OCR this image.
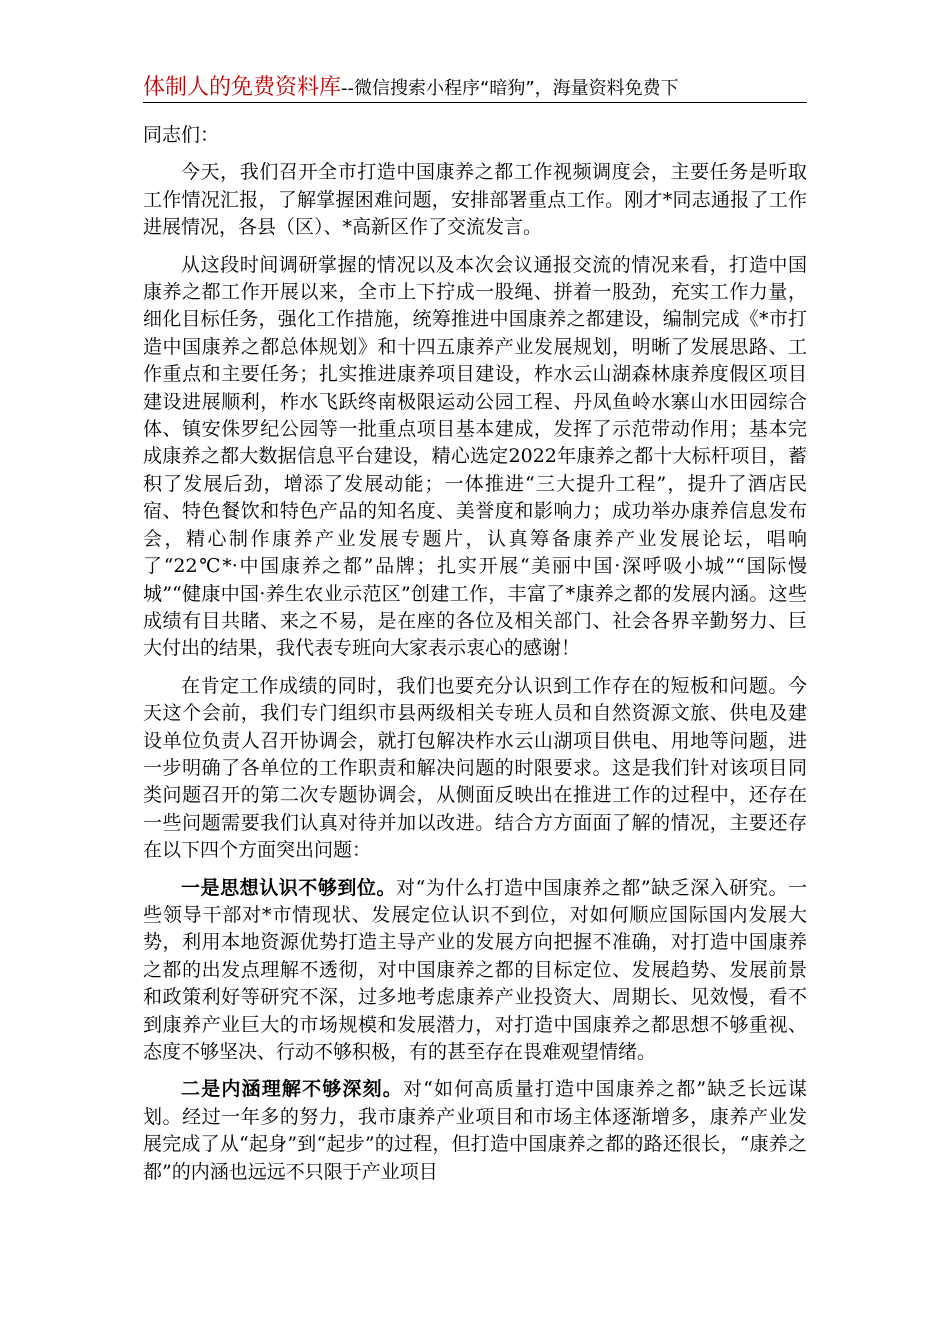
体制人的免费资料库--微信搜索小程序“暗狗”，海量资料免费下

同志们：

今天，我们召开全市打造中国康养之都工作视频调度会，主要任务是听取工作情况汇报，了解掌握困难问题，安排部署重点工作。刚才*同志通报了工作进展情况，各县（区）、*高新区作了交流发言。

从这段时间调研掌握的情况以及本次会议通报交流的情况来看，打造中国康养之都工作开展以来，全市上下拧成一股绳、拼着一股劲，充实工作力量，细化目标任务，强化工作措施，统筹推进中国康养之都建设，编制完成《*市打造中国康养之都总体规划》和十四五康养产业发展规划，明晰了发展思路、工作重点和主要任务；扎实推进康养项目建设，柞水云山湖森林康养度假区项目建设进展顺利，柞水飞跃终南极限运动公园工程、丹凤鱼岭水寨山水田园综合体、镇安侏罗纪公园等一批重点项目基本建成，发挥了示范带动作用；基本完成康养之都大数据信息平台建设，精心选定2022年康养之都十大标杆项目，蓄积了发展后劲，增添了发展动能；一体推进“三大提升工程”，提升了酒店民宿、特色餐饮和特色产品的知名度、美誉度和影响力；成功举办康养信息发布会，精心制作康养产业发展专题片，认真筹备康养产业发展论坛，唱响了“22℃*·中国康养之都”品牌；扎实开展“美丽中国·深呼吸小城”“国际慢城”“健康中国·养生农业示范区”创建工作，丰富了*康养之都的发展内涵。这些成绩有目共睹、来之不易，是在座的各位及相关部门、社会各界辛勤努力、巨大付出的结果，我代表专班向大家表示衷心的感谢！

在肯定工作成绩的同时，我们也要充分认识到工作存在的短板和问题。今天这个会前，我们专门组织市县两级相关专班人员和自然资源文旅、供电及建设单位负责人召开协调会，就打包解决柞水云山湖项目供电、用地等问题，进一步明确了各单位的工作职责和解决问题的时限要求。这是我们针对该项目同类问题召开的第二次专题协调会，从侧面反映出在推进工作的过程中，还存在一些问题需要我们认真对待并加以改进。结合方方面面了解的情况，主要还存在以下四个方面突出问题：

一是思想认识不够到位。对“为什么打造中国康养之都”缺乏深入研究。一些领导干部对*市情现状、发展定位认识不到位，对如何顺应国际国内发展大势，利用本地资源优势打造主导产业的发展方向把握不准确，对打造中国康养之都的出发点理解不透彻，对中国康养之都的目标定位、发展趋势、发展前景和政策利好等研究不深，过多地考虑康养产业投资大、周期长、见效慢，看不到康养产业巨大的市场规模和发展潜力，对打造中国康养之都思想不够重视、态度不够坚决、行动不够积极，有的甚至存在畏难观望情绪。

二是内涵理解不够深刻。对“如何高质量打造中国康养之都”缺乏长远谋划。经过一年多的努力，我市康养产业项目和市场主体逐渐增多，康养产业发展完成了从“起身”到“起步”的过程，但打造中国康养之都的路还很长，“康养之都”的内涵也远远不只限于产业项目
